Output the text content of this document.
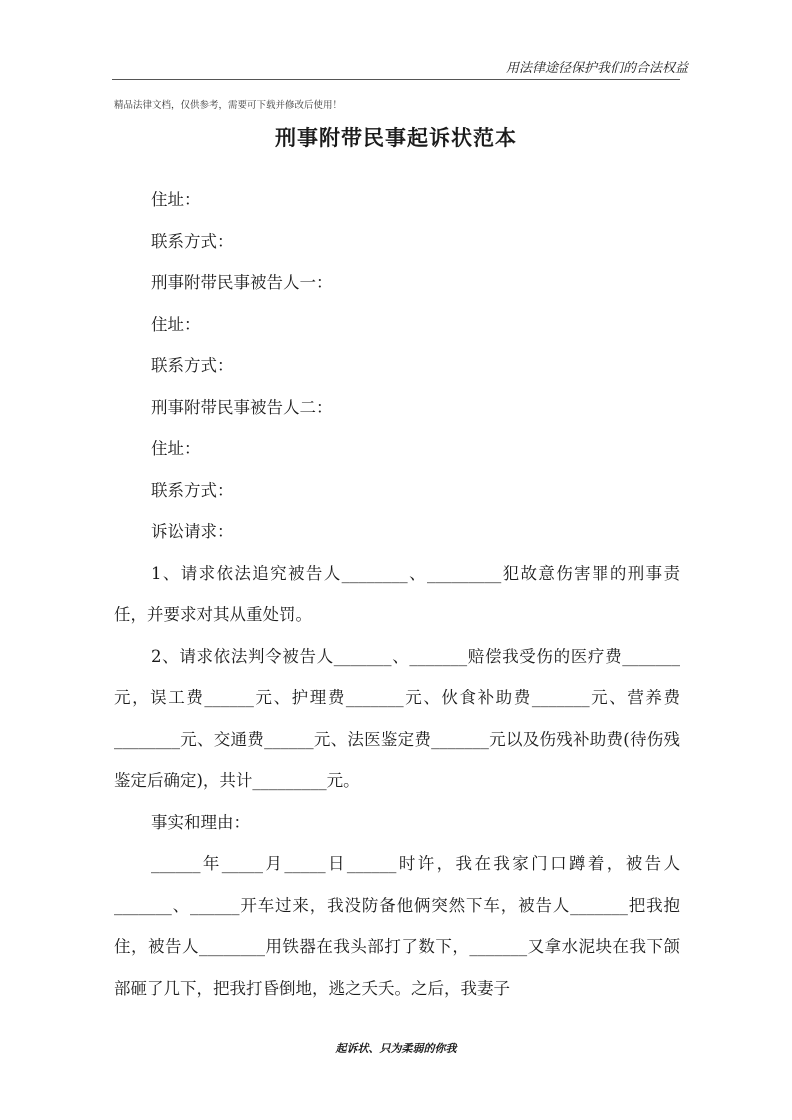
用法律途径保护我们的合法权益
精品法律文档，仅供参考，需要可下载并修改后使用！
刑事附带民事起诉状范本

住址：

联系方式：

刑事附带民事被告人一：

住址：

联系方式：

刑事附带民事被告人二：

住址：

联系方式：

诉讼请求：

1、请求依法追究被告人________、_________犯故意伤害罪的刑事责任，并要求对其从重处罚。

2、请求依法判令被告人_______、_______赔偿我受伤的医疗费_______元，误工费______元、护理费_______元、伙食补助费_______元、营养费________元、交通费______元、法医鉴定费_______元以及伤残补助费(待伤残鉴定后确定)，共计_________元。

事实和理由：

______年_____月_____日______时许，我在我家门口蹲着，被告人_______、______开车过来，我没防备他俩突然下车，被告人_______把我抱住，被告人________用铁器在我头部打了数下，_______又拿水泥块在我下颌部砸了几下，把我打昏倒地，逃之夭夭。之后，我妻子

起诉状、只为柔弱的你我
